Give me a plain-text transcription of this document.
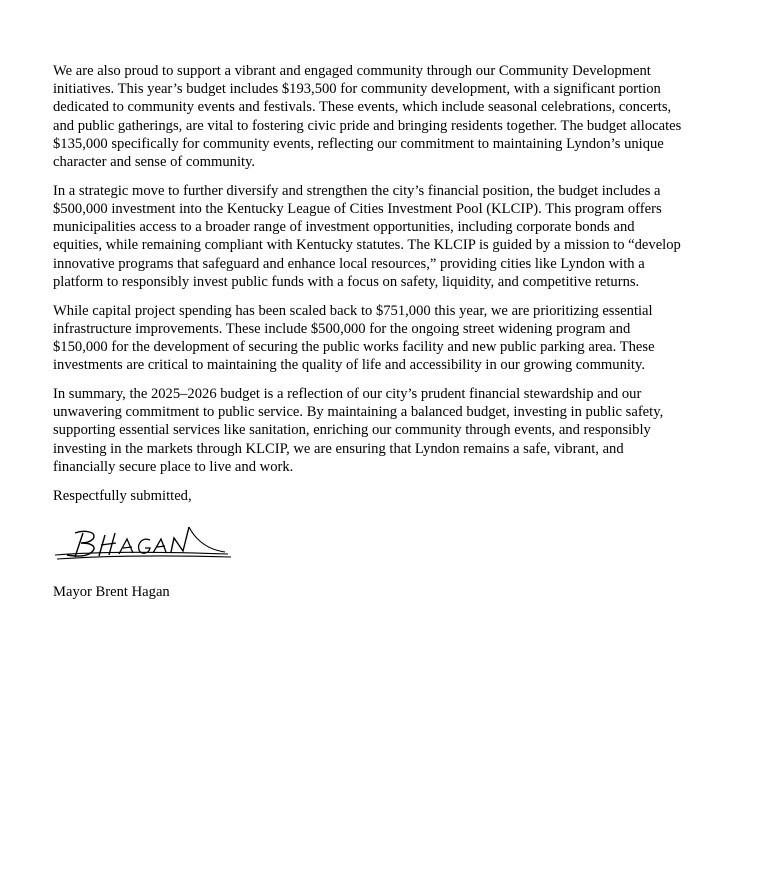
We are also proud to support a vibrant and engaged community through our Community Development initiatives. This year’s budget includes $193,500 for community development, with a significant portion dedicated to community events and festivals. These events, which include seasonal celebrations, concerts, and public gatherings, are vital to fostering civic pride and bringing residents together. The budget allocates $135,000 specifically for community events, reflecting our commitment to maintaining Lyndon’s unique character and sense of community.

In a strategic move to further diversify and strengthen the city’s financial position, the budget includes a $500,000 investment into the Kentucky League of Cities Investment Pool (KLCIP). This program offers municipalities access to a broader range of investment opportunities, including corporate bonds and equities, while remaining compliant with Kentucky statutes. The KLCIP is guided by a mission to “develop innovative programs that safeguard and enhance local resources,” providing cities like Lyndon with a platform to responsibly invest public funds with a focus on safety, liquidity, and competitive returns.

While capital project spending has been scaled back to $751,000 this year, we are prioritizing essential infrastructure improvements. These include $500,000 for the ongoing street widening program and $150,000 for the development of securing the public works facility and new public parking area. These investments are critical to maintaining the quality of life and accessibility in our growing community.

In summary, the 2025–2026 budget is a reflection of our city’s prudent financial stewardship and our unwavering commitment to public service. By maintaining a balanced budget, investing in public safety, supporting essential services like sanitation, enriching our community through events, and responsibly investing in the markets through KLCIP, we are ensuring that Lyndon remains a safe, vibrant, and financially secure place to live and work.

Respectfully submitted,

Mayor Brent Hagan
